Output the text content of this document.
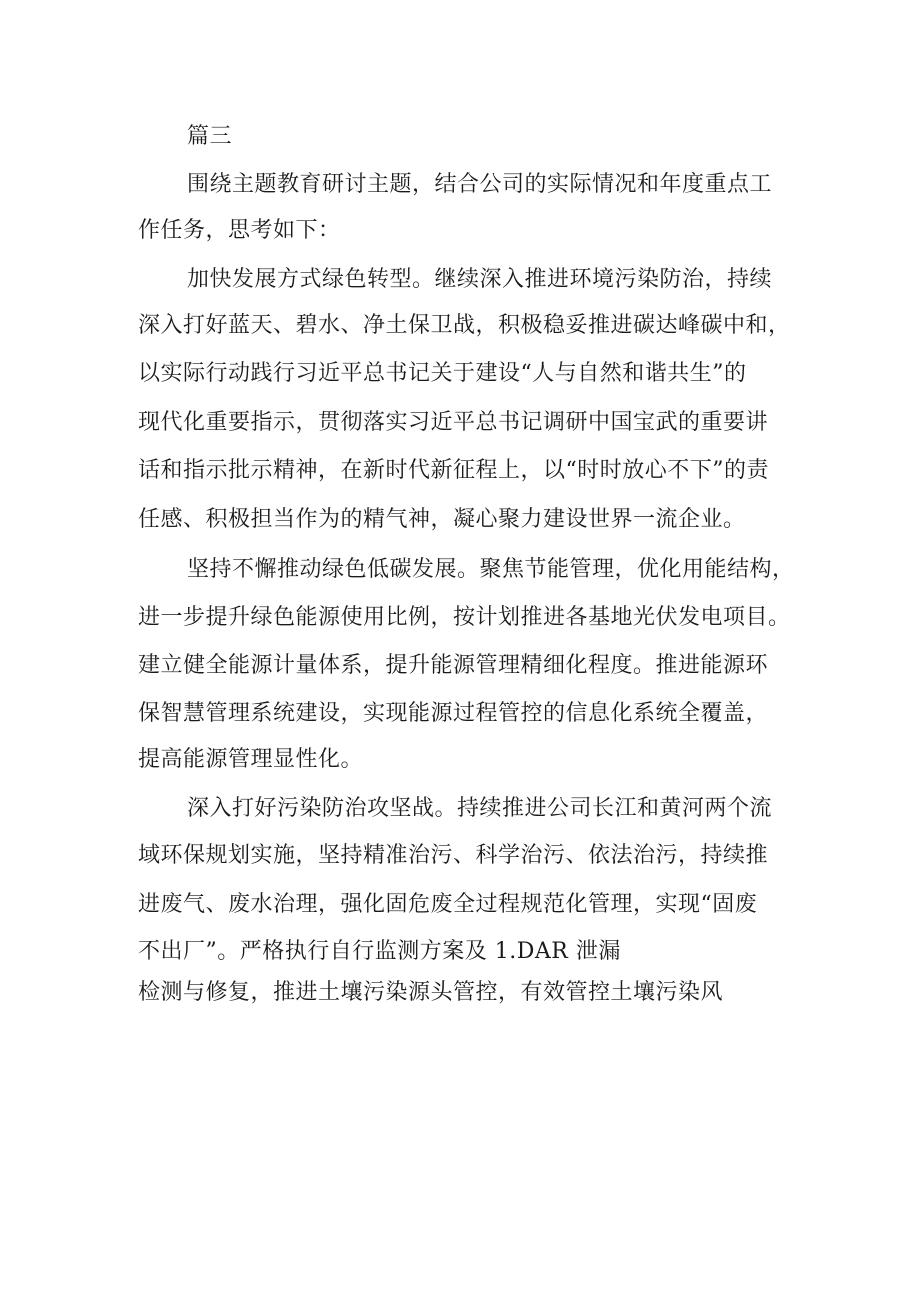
篇三
围绕主题教育研讨主题，结合公司的实际情况和年度重点工
作任务，思考如下：
加快发展方式绿色转型。继续深入推进环境污染防治，持续
深入打好蓝天、碧水、净土保卫战，积极稳妥推进碳达峰碳中和，
以实际行动践行习近平总书记关于建设“人与自然和谐共生”的
现代化重要指示，贯彻落实习近平总书记调研中国宝武的重要讲
话和指示批示精神，在新时代新征程上，以“时时放心不下”的责
任感、积极担当作为的精气神，凝心聚力建设世界一流企业。
坚持不懈推动绿色低碳发展。聚焦节能管理，优化用能结构，
进一步提升绿色能源使用比例，按计划推进各基地光伏发电项目。
建立健全能源计量体系，提升能源管理精细化程度。推进能源环
保智慧管理系统建设，实现能源过程管控的信息化系统全覆盖，
提高能源管理显性化。
深入打好污染防治攻坚战。持续推进公司长江和黄河两个流
域环保规划实施，坚持精准治污、科学治污、依法治污，持续推
进废气、废水治理，强化固危废全过程规范化管理，实现“固废
不出厂”。严格执行自行监测方案及 1.DAR 泄漏
检测与修复，推进土壤污染源头管控，有效管控土壤污染风
